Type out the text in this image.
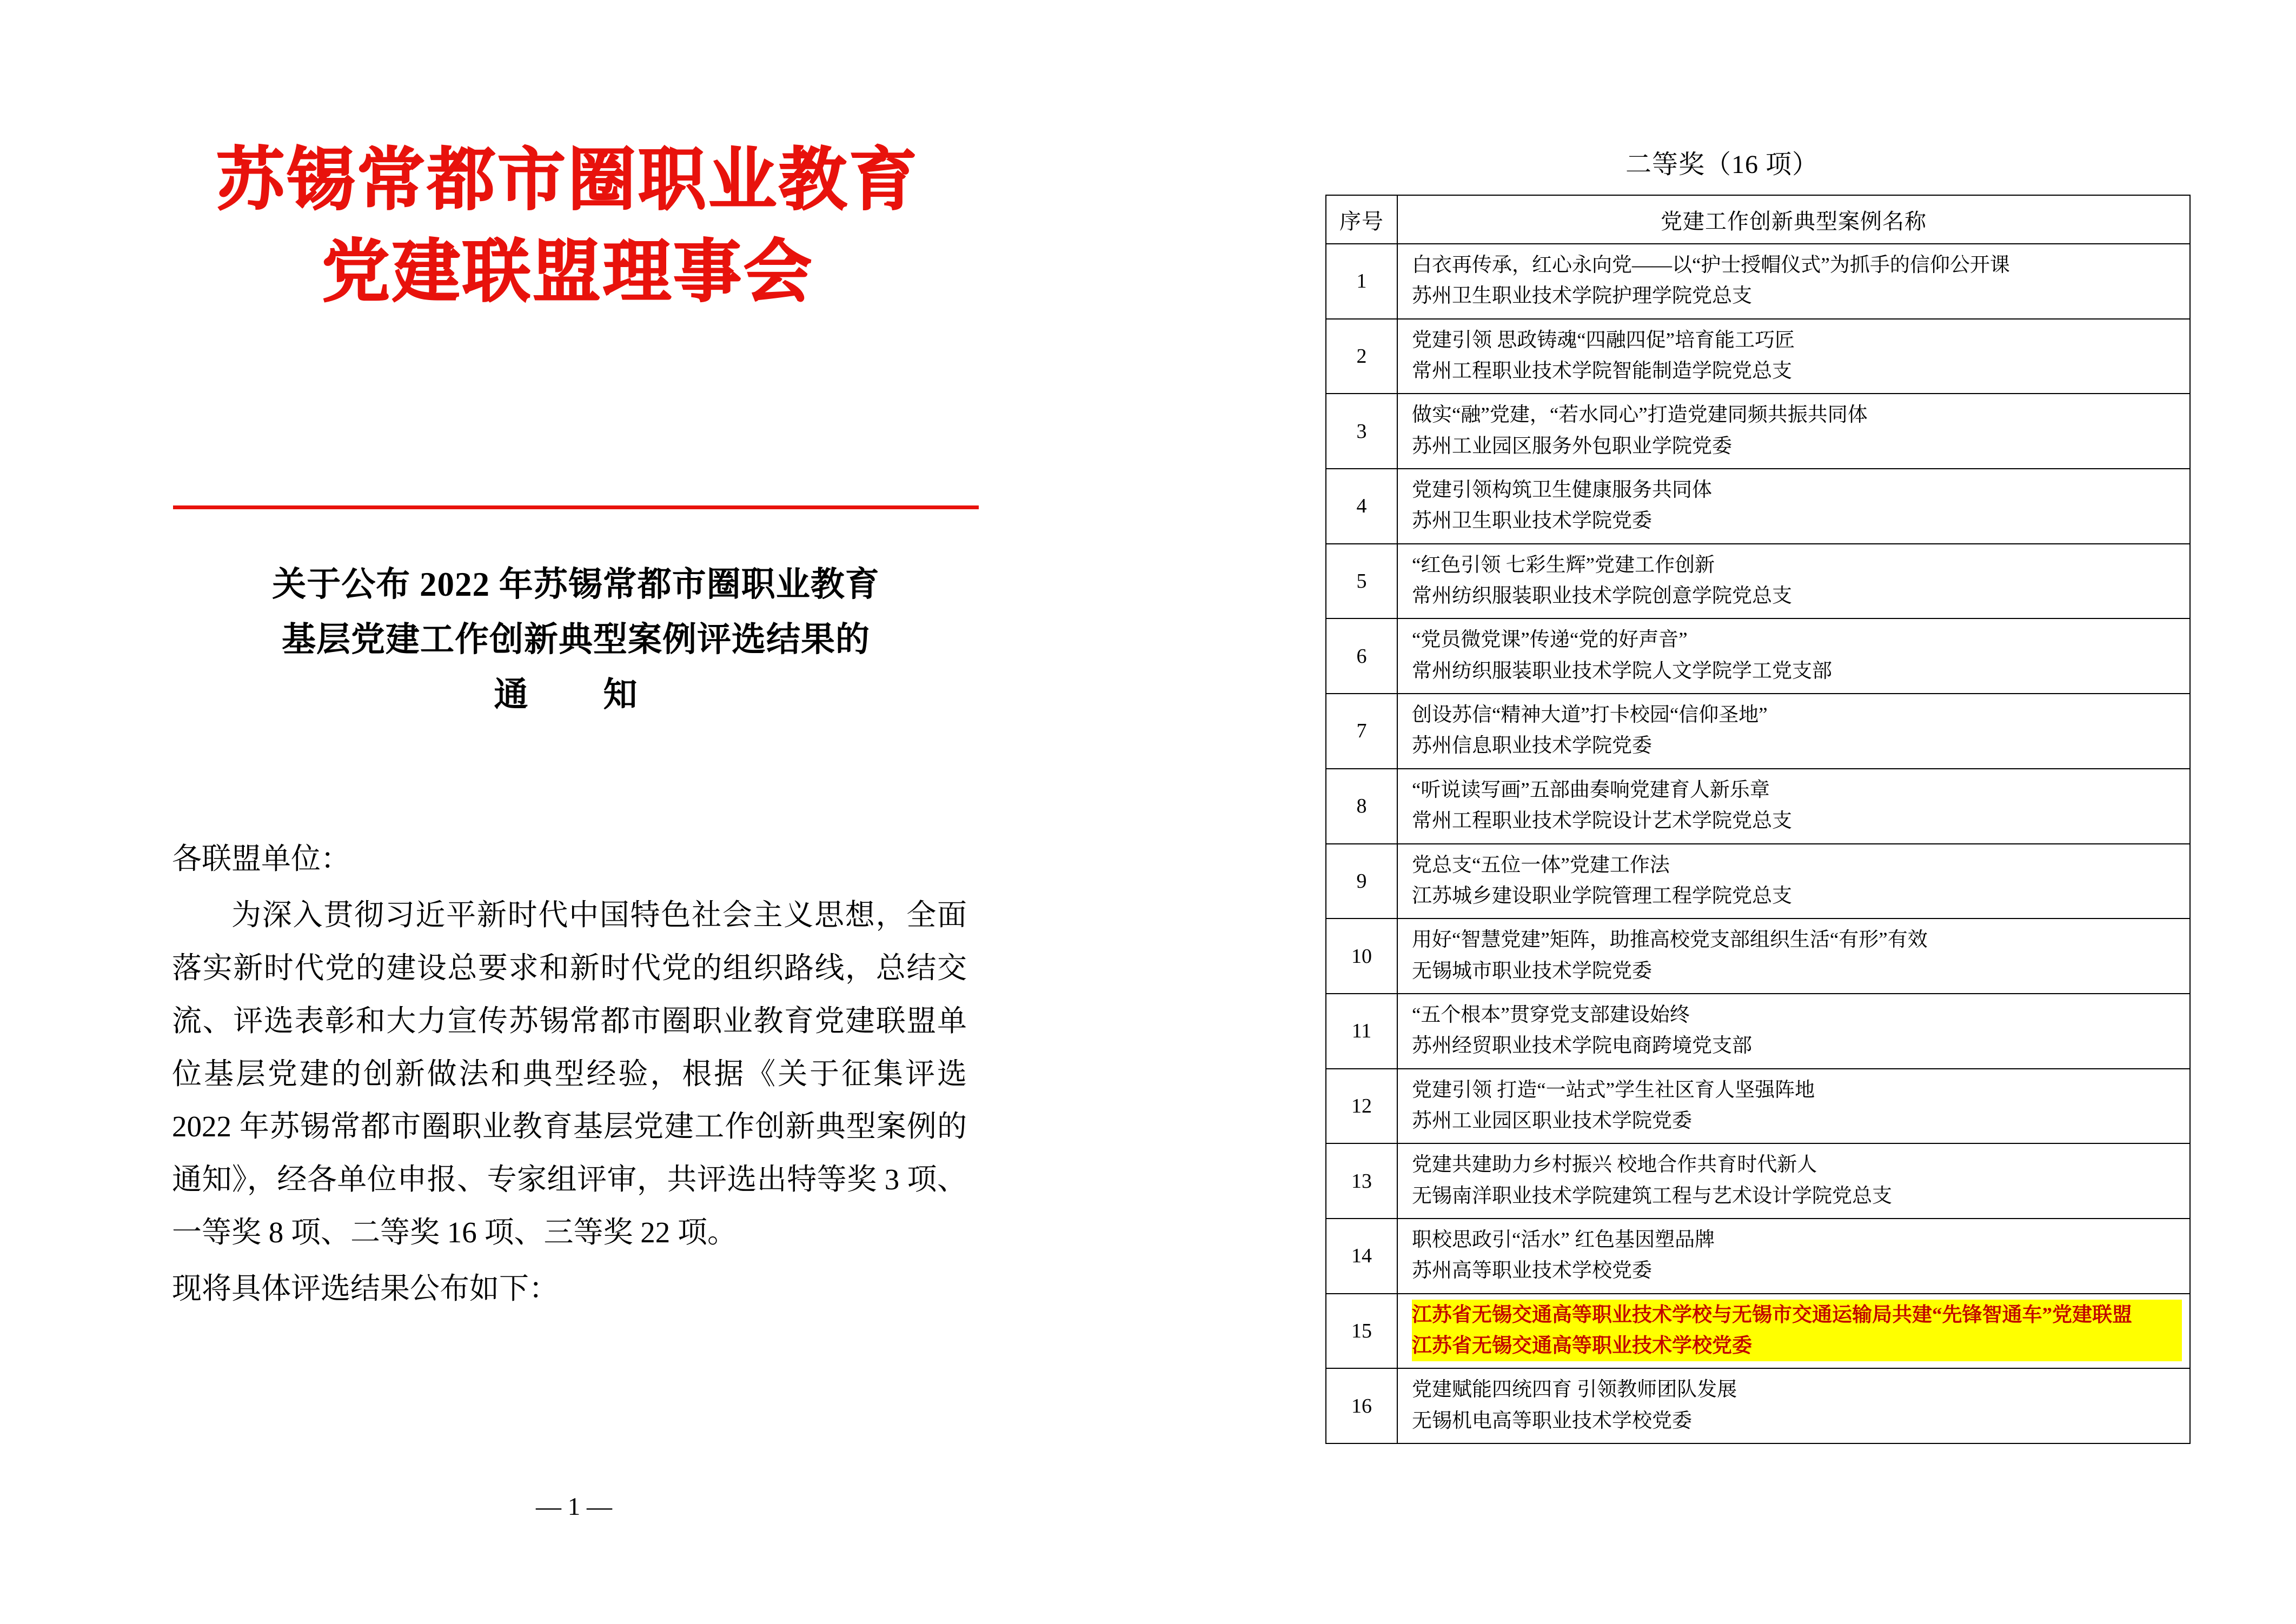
苏锡常都市圈职业教育
党建联盟理事会
关于公布 2022 年苏锡常都市圈职业教育
基层党建工作创新典型案例评选结果的
通　知

各联盟单位：

为深入贯彻习近平新时代中国特色社会主义思想，全面落实新时代党的建设总要求和新时代党的组织路线，总结交流、评选表彰和大力宣传苏锡常都市圈职业教育党建联盟单位基层党建的创新做法和典型经验，根据《关于征集评选 2022 年苏锡常都市圈职业教育基层党建工作创新典型案例的通知》，经各单位申报、专家组评审，共评选出特等奖 3 项、一等奖 8 项、二等奖 16 项、三等奖 22 项。

现将具体评选结果公布如下：

— 1 —
二等奖（16 项）
序号	党建工作创新典型案例名称
1	白衣再传承，红心永向党——以“护士授帽仪式”为抓手的信仰公开课
苏州卫生职业技术学院护理学院党总支

2	党建引领 思政铸魂“四融四促”培育能工巧匠
常州工程职业技术学院智能制造学院党总支

3	做实“融”党建，“若水同心”打造党建同频共振共同体
苏州工业园区服务外包职业学院党委

4	党建引领构筑卫生健康服务共同体
苏州卫生职业技术学院党委

5	“红色引领 七彩生辉”党建工作创新
常州纺织服装职业技术学院创意学院党总支

6	“党员微党课”传递“党的好声音”
常州纺织服装职业技术学院人文学院学工党支部

7	创设苏信“精神大道”打卡校园“信仰圣地”
苏州信息职业技术学院党委

8	“听说读写画”五部曲奏响党建育人新乐章
常州工程职业技术学院设计艺术学院党总支

9	党总支“五位一体”党建工作法
江苏城乡建设职业学院管理工程学院党总支

10	用好“智慧党建”矩阵，助推高校党支部组织生活“有形”有效
无锡城市职业技术学院党委

11	“五个根本”贯穿党支部建设始终
苏州经贸职业技术学院电商跨境党支部

12	党建引领 打造“一站式”学生社区育人坚强阵地
苏州工业园区职业技术学院党委

13	党建共建助力乡村振兴 校地合作共育时代新人
无锡南洋职业技术学院建筑工程与艺术设计学院党总支

14	职校思政引“活水” 红色基因塑品牌
苏州高等职业技术学校党委

15	江苏省无锡交通高等职业技术学校与无锡市交通运输局共建“先锋智通车”党建联盟
江苏省无锡交通高等职业技术学校党委

16	党建赋能四统四育 引领教师团队发展
无锡机电高等职业技术学校党委
